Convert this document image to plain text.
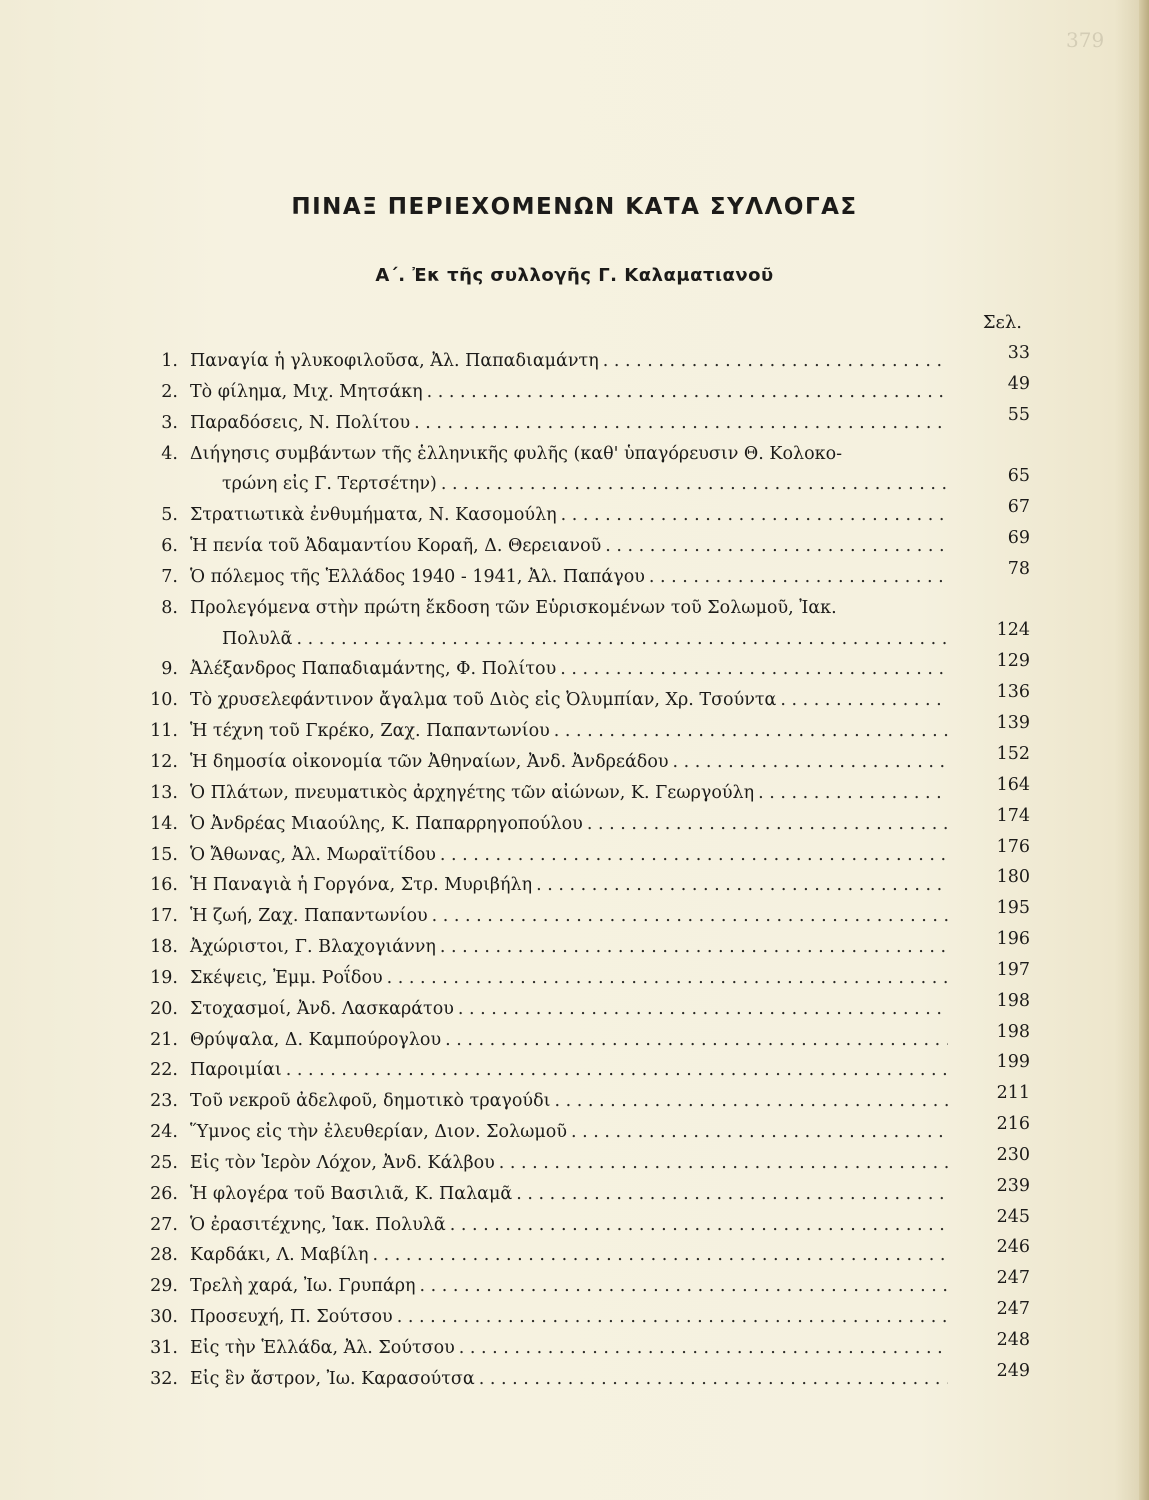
379
ΠΙΝΑΞ ΠΕΡΙΕΧΟΜΕΝΩΝ ΚΑΤΑ ΣΥΛΛΟΓΑΣ
Α΄. Ἐκ τῆς συλλογῆς Γ. Καλαματιανοῦ
Σελ.
1. Παναγία ἡ γλυκοφιλοῦσα, Ἀλ. Παπαδιαμάντη . . .	33
2. Τὸ φίλημα, Μιχ. Μητσάκη . . .	49
3. Παραδόσεις, Ν. Πολίτου . . .	55
4. Διήγησις συμβάντων τῆς ἑλληνικῆς φυλῆς (καθ' ὑπαγόρευσιν Θ. Κολοκο-
τρώνη εἰς Γ. Τερτσέτην) . . .	65
5. Στρατιωτικὰ ἐνθυμήματα, Ν. Κασομούλη . . .	67
6. Ἡ πενία τοῦ Ἀδαμαντίου Κοραῆ, Δ. Θερειανοῦ . . .	69
7. Ὁ πόλεμος τῆς Ἑλλάδος 1940 - 1941, Ἀλ. Παπάγου . . .	78
8. Προλεγόμενα στὴν πρώτη ἔκδοση τῶν Εὑρισκομένων τοῦ Σολωμοῦ, Ἰακ.
Πολυλᾶ . . .	124
9. Ἀλέξανδρος Παπαδιαμάντης, Φ. Πολίτου . . .	129
10. Τὸ χρυσελεφάντινον ἄγαλμα τοῦ Διὸς εἰς Ὀλυμπίαν, Χρ. Τσούντα . . .	136
11. Ἡ τέχνη τοῦ Γκρέκο, Ζαχ. Παπαντωνίου . . .	139
12. Ἡ δημοσία οἰκονομία τῶν Ἀθηναίων, Ἀνδ. Ἀνδρεάδου . . .	152
13. Ὁ Πλάτων, πνευματικὸς ἀρχηγέτης τῶν αἰώνων, Κ. Γεωργούλη . . .	164
14. Ὁ Ἀνδρέας Μιαούλης, Κ. Παπαρρηγοπούλου . . .	174
15. Ὁ Ἄθωνας, Ἀλ. Μωραϊτίδου . . .	176
16. Ἡ Παναγιὰ ἡ Γοργόνα, Στρ. Μυριβήλη . . .	180
17. Ἡ ζωή, Ζαχ. Παπαντωνίου . . .	195
18. Ἀχώριστοι, Γ. Βλαχογιάννη . . .	196
19. Σκέψεις, Ἐμμ. Ροΐδου . . .	197
20. Στοχασμοί, Ἀνδ. Λασκαράτου . . .	198
21. Θρύψαλα, Δ. Καμπούρογλου . . .	198
22. Παροιμίαι . . .	199
23. Τοῦ νεκροῦ ἀδελφοῦ, δημοτικὸ τραγούδι . . .	211
24. Ὕμνος εἰς τὴν ἐλευθερίαν, Διον. Σολωμοῦ . . .	216
25. Εἰς τὸν Ἱερὸν Λόχον, Ἀνδ. Κάλβου . . .	230
26. Ἡ φλογέρα τοῦ Βασιλιᾶ, Κ. Παλαμᾶ . . .	239
27. Ὁ ἐρασιτέχνης, Ἰακ. Πολυλᾶ . . .	245
28. Καρδάκι, Λ. Μαβίλη . . .	246
29. Τρελὴ χαρά, Ἰω. Γρυπάρη . . .	247
30. Προσευχή, Π. Σούτσου . . .	247
31. Εἰς τὴν Ἑλλάδα, Ἀλ. Σούτσου . . .	248
32. Εἰς ἓν ἄστρον, Ἰω. Καρασούτσα . . .	249
